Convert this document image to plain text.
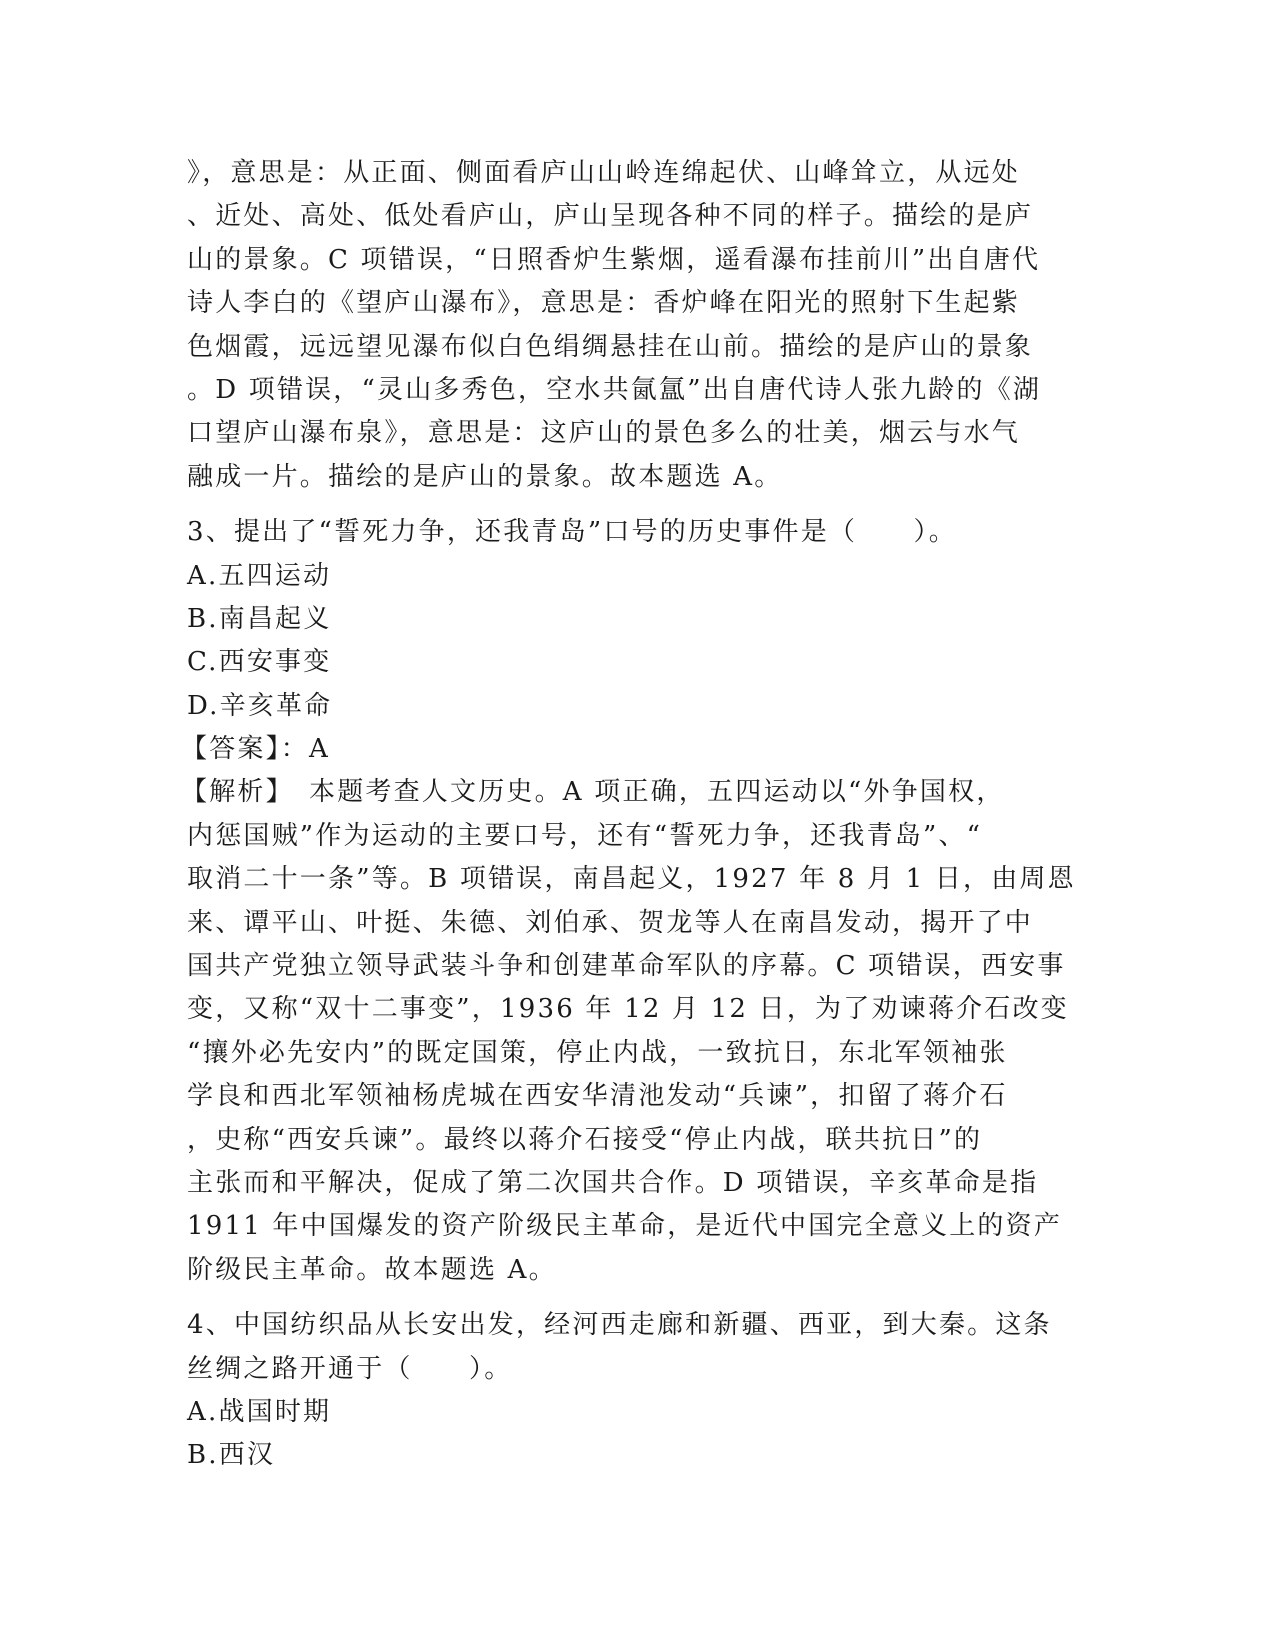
》，意思是：从正面、侧面看庐山山岭连绵起伏、山峰耸立，从远处
、近处、高处、低处看庐山，庐山呈现各种不同的样子。描绘的是庐
山的景象。C 项错误，“日照香炉生紫烟，遥看瀑布挂前川”出自唐代
诗人李白的《望庐山瀑布》，意思是：香炉峰在阳光的照射下生起紫
色烟霞，远远望见瀑布似白色绢绸悬挂在山前。描绘的是庐山的景象
。D 项错误，“灵山多秀色，空水共氤氲”出自唐代诗人张九龄的《湖
口望庐山瀑布泉》，意思是：这庐山的景色多么的壮美，烟云与水气
融成一片。描绘的是庐山的景象。故本题选 A。
3、提出了“誓死力争，还我青岛”口号的历史事件是（　　）。
A.五四运动
B.南昌起义
C.西安事变
D.辛亥革命
【答案】：A
【解析】　本题考查人文历史。A 项正确，五四运动以“外争国权，
内惩国贼”作为运动的主要口号，还有“誓死力争，还我青岛”、“
取消二十一条”等。B 项错误，南昌起义，1927 年 8 月 1 日，由周恩
来、谭平山、叶挺、朱德、刘伯承、贺龙等人在南昌发动，揭开了中
国共产党独立领导武装斗争和创建革命军队的序幕。C 项错误，西安事
变，又称“双十二事变”，1936 年 12 月 12 日，为了劝谏蒋介石改变
“攘外必先安内”的既定国策，停止内战，一致抗日，东北军领袖张
学良和西北军领袖杨虎城在西安华清池发动“兵谏”，扣留了蒋介石
，史称“西安兵谏”。最终以蒋介石接受“停止内战，联共抗日”的
主张而和平解决，促成了第二次国共合作。D 项错误，辛亥革命是指
1911 年中国爆发的资产阶级民主革命，是近代中国完全意义上的资产
阶级民主革命。故本题选 A。
4、中国纺织品从长安出发，经河西走廊和新疆、西亚，到大秦。这条
丝绸之路开通于（　　）。
A.战国时期
B.西汉
